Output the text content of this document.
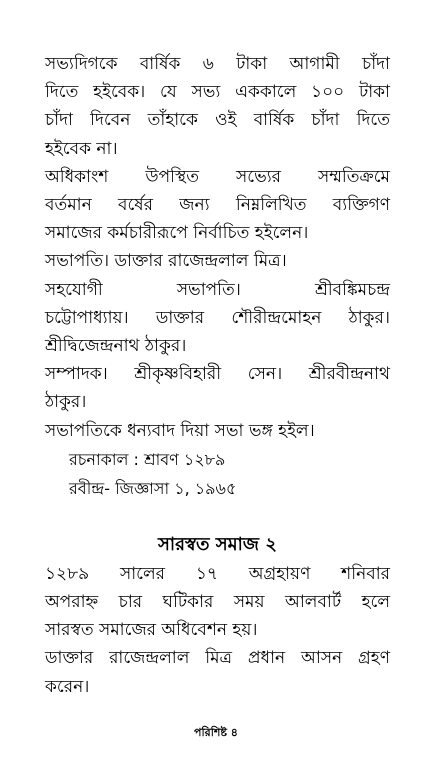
সভ্যদিগকে বার্ষিক ৬ টাকা আগামী চাঁদা
দিতে হইবেক। যে সভ্য এককালে ১০০ টাকা
চাঁদা দিবেন তাঁহাকে ওই বার্ষিক চাঁদা দিতে
হইবেক না।

অধিকাংশ উপস্থিত সভ্যের সম্মতিক্রমে
বর্তমান বর্ষের জন্য নিম্নলিখিত ব্যক্তিগণ
সমাজের কর্মচারীরূপে নির্বাচিত হইলেন।

সভাপতি। ডাক্তার রাজেন্দ্রলাল মিত্র।

সহযোগী সভাপতি। শ্রীবঙ্কিমচন্দ্র
চট্টোপাধ্যায়। ডাক্তার শৌরীন্দ্রমোহন ঠাকুর।
শ্রীদ্বিজেন্দ্রনাথ ঠাকুর।

সম্পাদক। শ্রীকৃষ্ণবিহারী সেন। শ্রীরবীন্দ্রনাথ
ঠাকুর।

সভাপতিকে ধন্যবাদ দিয়া সভা ভঙ্গ হইল।

রচনাকাল : শ্রাবণ ১২৮৯

রবীন্দ্র- জিজ্ঞাসা ১, ১৯৬৫

সারস্বত সমাজ ২

১২৮৯ সালের ১৭ অগ্রহায়ণ শনিবার
অপরাহ্ন চার ঘটিকার সময় আলবার্ট হলে
সারস্বত সমাজের অধিবেশন হয়।

ডাক্তার রাজেন্দ্রলাল মিত্র প্রধান আসন গ্রহণ
করেন।

পরিশিষ্ট ৪
